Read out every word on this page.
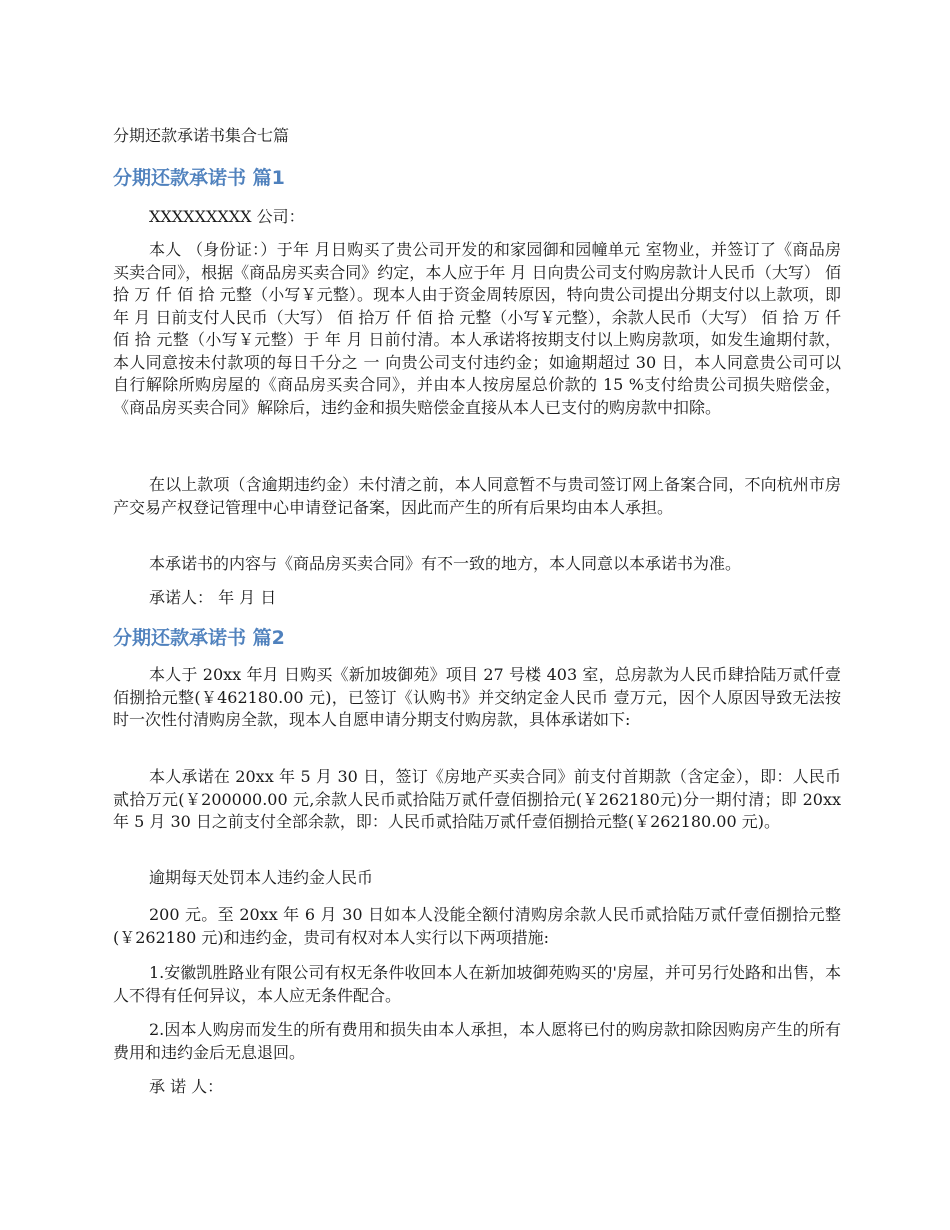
分期还款承诺书集合七篇
分期还款承诺书 篇1

XXXXXXXXX 公司：

本人 （身份证：）于年 月日购买了贵公司开发的和家园御和园幢单元 室物业，并签订了《商品房买卖合同》，根据《商品房买卖合同》约定，本人应于年 月 日向贵公司支付购房款计人民币（大写） 佰 拾 万 仟 佰 拾 元整（小写￥元整）。现本人由于资金周转原因，特向贵公司提出分期支付以上款项，即 年 月 日前支付人民币（大写） 佰 拾万 仟 佰 拾 元整（小写￥元整），余款人民币（大写） 佰 拾 万 仟 佰 拾 元整（小写￥元整）于 年 月 日前付清。本人承诺将按期支付以上购房款项，如发生逾期付款，本人同意按未付款项的每日千分之 一 向贵公司支付违约金；如逾期超过 30 日，本人同意贵公司可以自行解除所购房屋的《商品房买卖合同》，并由本人按房屋总价款的 15 %支付给贵公司损失赔偿金，《商品房买卖合同》解除后，违约金和损失赔偿金直接从本人已支付的购房款中扣除。

在以上款项（含逾期违约金）未付清之前，本人同意暂不与贵司签订网上备案合同，不向杭州市房产交易产权登记管理中心申请登记备案，因此而产生的所有后果均由本人承担。

本承诺书的内容与《商品房买卖合同》有不一致的地方，本人同意以本承诺书为准。

承诺人： 年 月 日

分期还款承诺书 篇2

本人于 20xx 年月 日购买《新加坡御苑》项目 27 号楼 403 室，总房款为人民币肆拾陆万贰仟壹佰捌拾元整(￥462180.00 元)，已签订《认购书》并交纳定金人民币 壹万元，因个人原因导致无法按时一次性付清购房全款，现本人自愿申请分期支付购房款，具体承诺如下:

本人承诺在 20xx 年 5 月 30 日，签订《房地产买卖合同》前支付首期款（含定金），即：人民币 贰拾万元(￥200000.00 元,余款人民币贰拾陆万贰仟壹佰捌拾元(￥262180元)分一期付清；即 20xx 年 5 月 30 日之前支付全部余款，即：人民币贰拾陆万贰仟壹佰捌拾元整(￥262180.00 元)。

逾期每天处罚本人违约金人民币

200 元。至 20xx 年 6 月 30 日如本人没能全额付清购房余款人民币贰拾陆万贰仟壹佰捌拾元整(￥262180 元)和违约金，贵司有权对本人实行以下两项措施:

1.安徽凯胜路业有限公司有权无条件收回本人在新加坡御苑购买的'房屋，并可另行处路和出售，本人不得有任何异议，本人应无条件配合。

2.因本人购房而发生的所有费用和损失由本人承担，本人愿将已付的购房款扣除因购房产生的所有费用和违约金后无息退回。

承 诺 人：
